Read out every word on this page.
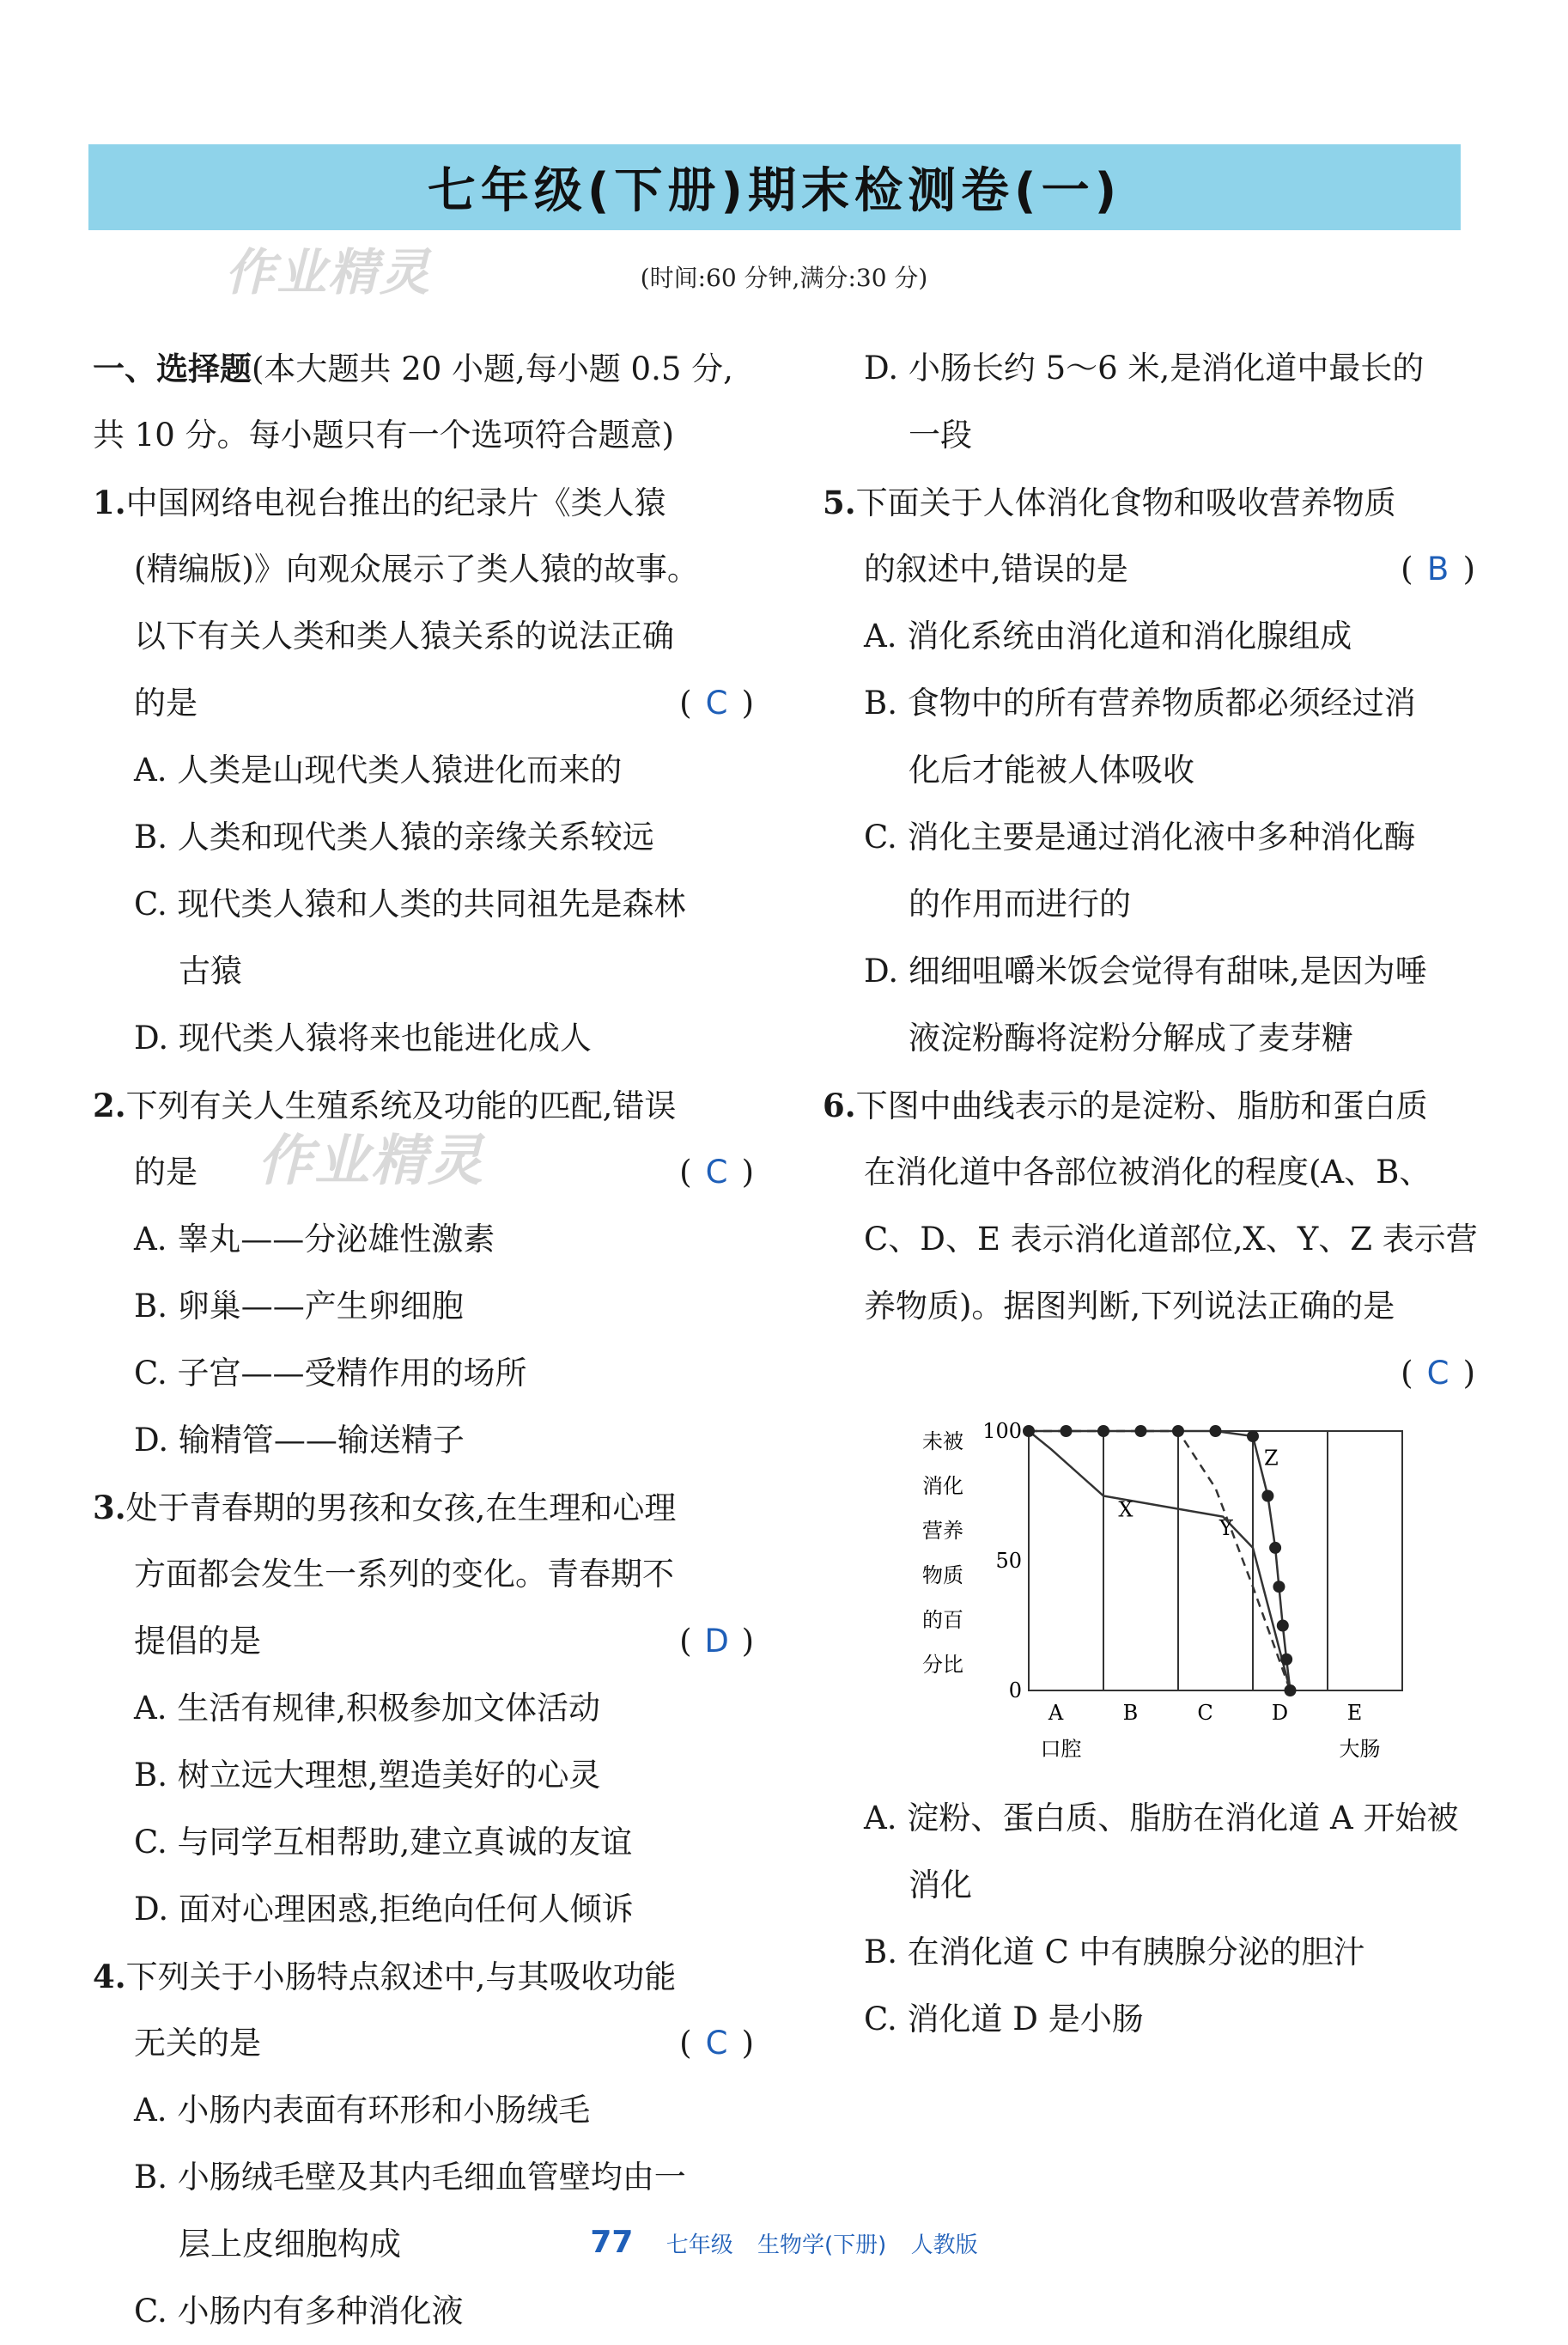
七年级(下册)期末检测卷(一)
作业精灵
作业精灵
(时间:60 分钟,满分:30 分)
一、选择题(本大题共 20 小题,每小题 0.5 分,
共 10 分。每小题只有一个选项符合题意)
1.中国网络电视台推出的纪录片《类人猿
(精编版)》向观众展示了类人猿的故事。
以下有关人类和类人猿关系的说法正确
的是	( C )
A. 人类是山现代类人猿进化而来的
B. 人类和现代类人猿的亲缘关系较远
C. 现代类人猿和人类的共同祖先是森林
古猿
D. 现代类人猿将来也能进化成人
2.下列有关人生殖系统及功能的匹配,错误
的是	( C )
A. 睾丸——分泌雄性激素
B. 卵巢——产生卵细胞
C. 子宫——受精作用的场所
D. 输精管——输送精子
3.处于青春期的男孩和女孩,在生理和心理
方面都会发生一系列的变化。青春期不
提倡的是	( D )
A. 生活有规律,积极参加文体活动
B. 树立远大理想,塑造美好的心灵
C. 与同学互相帮助,建立真诚的友谊
D. 面对心理困惑,拒绝向任何人倾诉
4.下列关于小肠特点叙述中,与其吸收功能
无关的是	( C )
A. 小肠内表面有环形和小肠绒毛
B. 小肠绒毛壁及其内毛细血管壁均由一
层上皮细胞构成
C. 小肠内有多种消化液
D. 小肠长约 5～6 米,是消化道中最长的
一段
5.下面关于人体消化食物和吸收营养物质
的叙述中,错误的是	( B )
A. 消化系统由消化道和消化腺组成
B. 食物中的所有营养物质都必须经过消
化后才能被人体吸收
C. 消化主要是通过消化液中多种消化酶
的作用而进行的
D. 细细咀嚼米饭会觉得有甜味,是因为唾
液淀粉酶将淀粉分解成了麦芽糖
6.下图中曲线表示的是淀粉、脂肪和蛋白质
在消化道中各部位被消化的程度(A、B、
C、D、E 表示消化道部位,X、Y、Z 表示营
养物质)。据图判断,下列说法正确的是
( C )
100
50
0
未被
消化
营养
物质
的百
分比
A
口腔
B	C	D	E
大肠
X
Y
Z
A. 淀粉、蛋白质、脂肪在消化道 A 开始被
消化
B. 在消化道 C 中有胰腺分泌的胆汁
C. 消化道 D 是小肠
77 七年级 生物学(下册) 人教版
